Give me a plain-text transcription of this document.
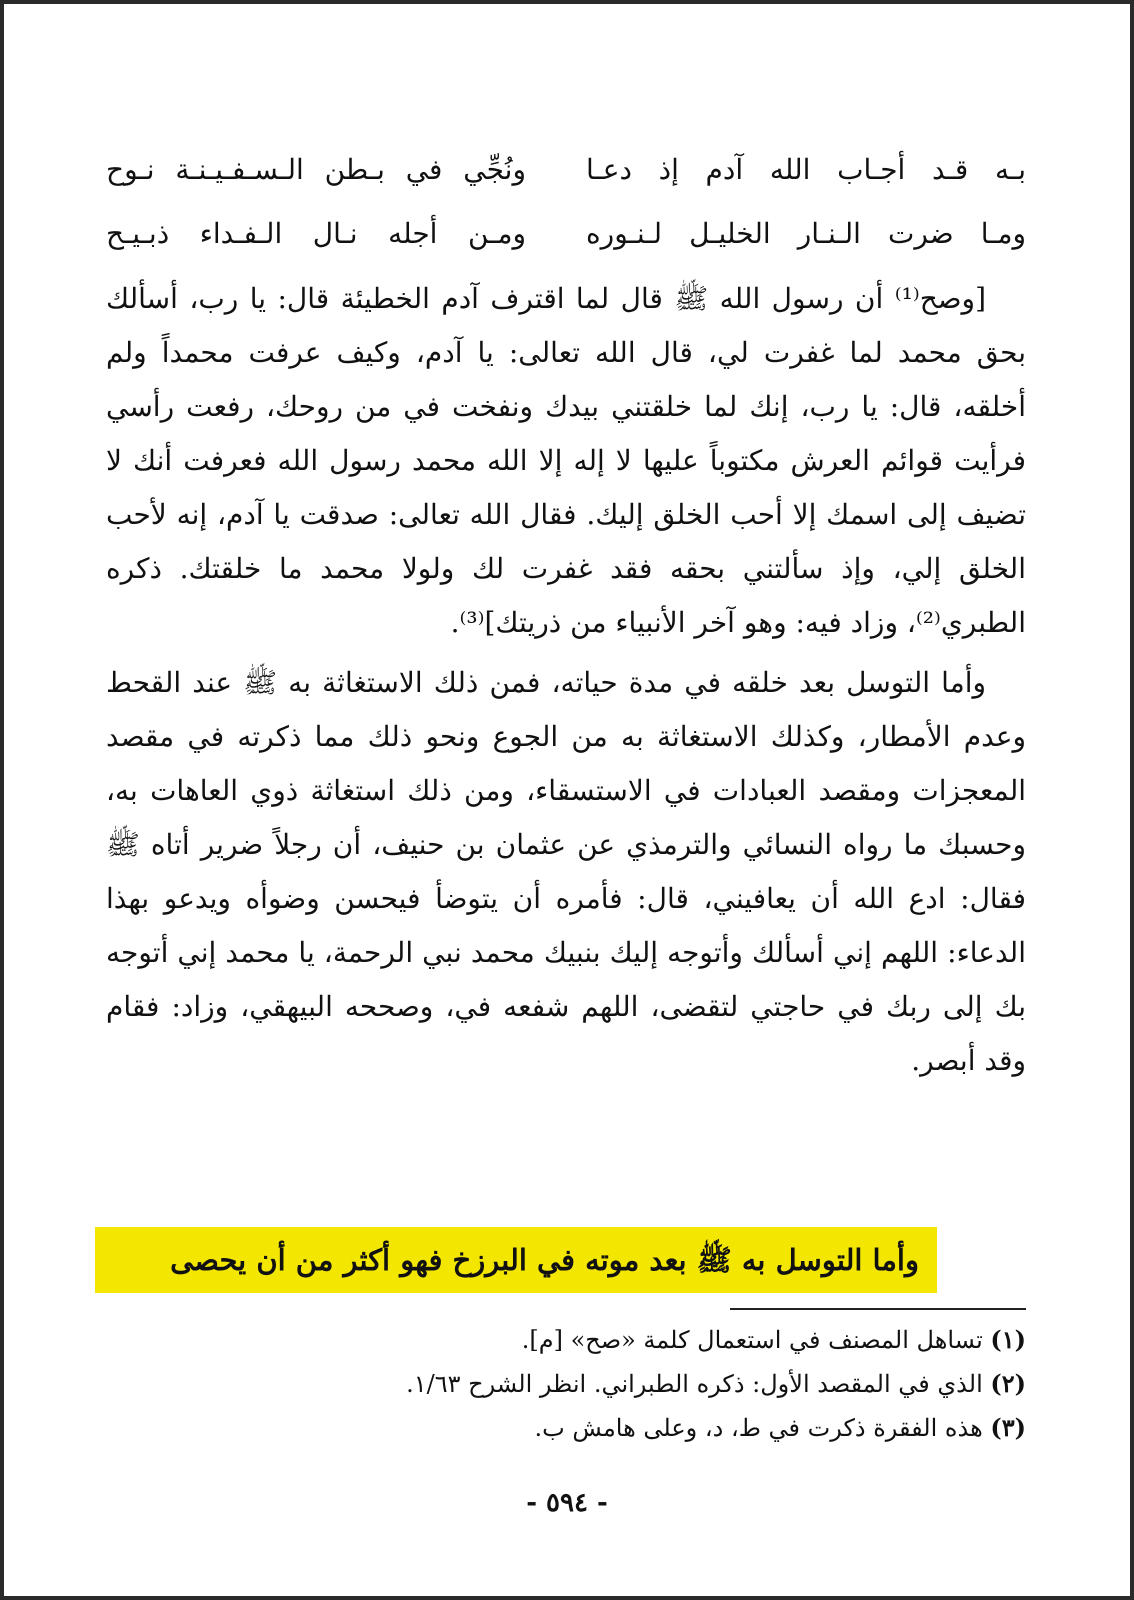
بـه قـد أجـاب الله آدم إذ دعـا
ونُجِّي في بـطن الـسـفـيـنـة نـوح
ومـا ضرت الـنـار الخليـل لـنـوره
ومـن أجله نـال الـفـداء ذبـيـح

[وصح⁽¹⁾ أن رسول الله ﷺ قال لما اقترف آدم الخطيئة قال: يا رب، أسألك بحق محمد لما غفرت لي، قال الله تعالى: يا آدم، وكيف عرفت محمداً ولم أخلقه، قال: يا رب، إنك لما خلقتني بيدك ونفخت في من روحك، رفعت رأسي فرأيت قوائم العرش مكتوباً عليها لا إله إلا الله محمد رسول الله فعرفت أنك لا تضيف إلى اسمك إلا أحب الخلق إليك. فقال الله تعالى: صدقت يا آدم، إنه لأحب الخلق إلي، وإذ سألتني بحقه فقد غفرت لك ولولا محمد ما خلقتك. ذكره الطبري⁽²⁾، وزاد فيه: وهو آخر الأنبياء من ذريتك]⁽³⁾.

وأما التوسل بعد خلقه في مدة حياته، فمن ذلك الاستغاثة به ﷺ عند القحط وعدم الأمطار، وكذلك الاستغاثة به من الجوع ونحو ذلك مما ذكرته في مقصد المعجزات ومقصد العبادات في الاستسقاء، ومن ذلك استغاثة ذوي العاهات به، وحسبك ما رواه النسائي والترمذي عن عثمان بن حنيف، أن رجلاً ضرير أتاه ﷺ فقال: ادع الله أن يعافيني، قال: فأمره أن يتوضأ فيحسن وضوأه ويدعو بهذا الدعاء: اللهم إني أسألك وأتوجه إليك بنبيك محمد نبي الرحمة، يا محمد إني أتوجه بك إلى ربك في حاجتي لتقضى، اللهم شفعه في، وصححه البيهقي، وزاد: فقام وقد أبصر.

وأما التوسل به ﷺ بعد موته في البرزخ فهو أكثر من أن يحصى
(١) تساهل المصنف في استعمال كلمة «صح» [م].
(٢) الذي في المقصد الأول: ذكره الطبراني. انظر الشرح ١/٦٣.
(٣) هذه الفقرة ذكرت في ط، د، وعلى هامش ب.
- ٥٩٤ -
